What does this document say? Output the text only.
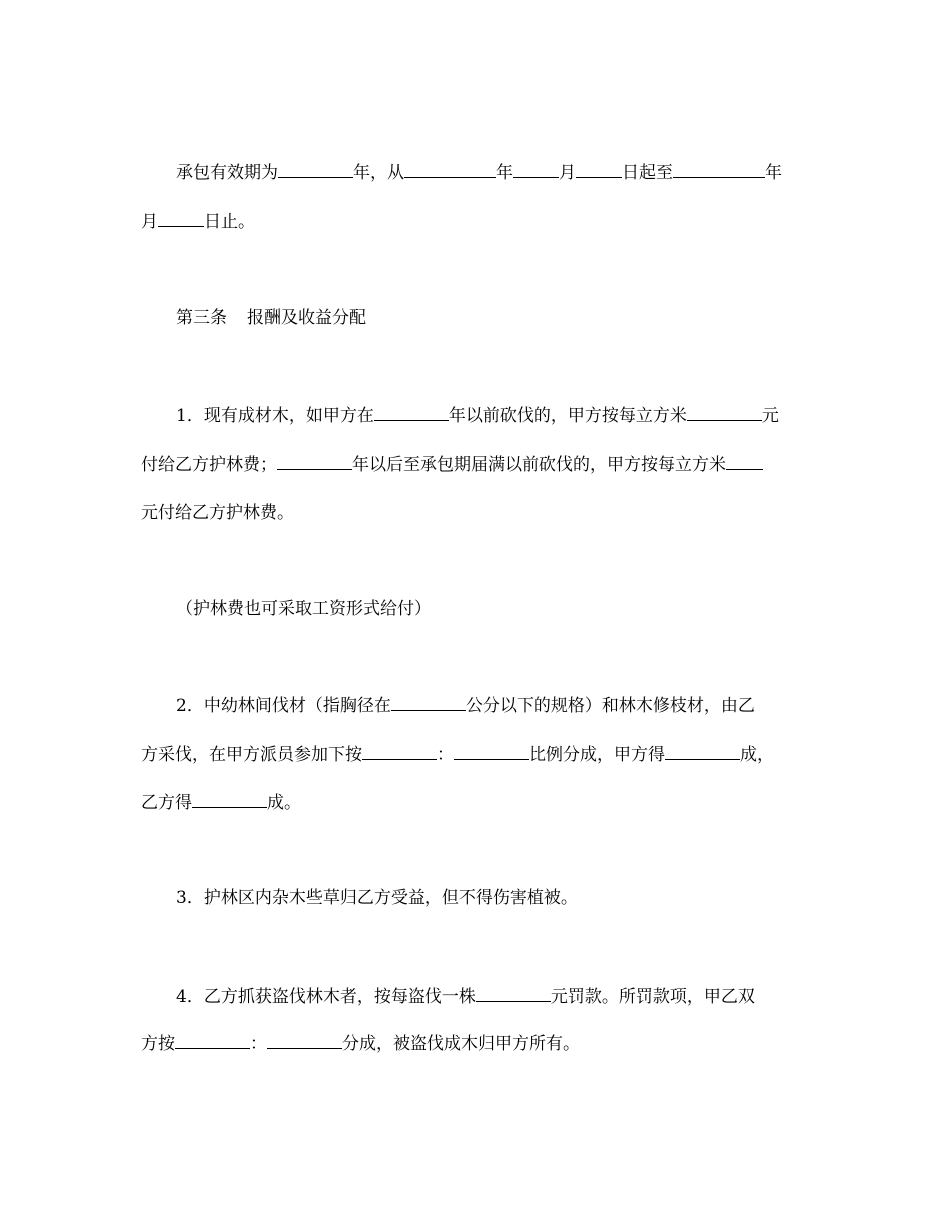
承包有效期为	年，从	年	月	日起至	年
月	日止。
第三条 报酬及收益分配
1．现有成材木，如甲方在	年以前砍伐的，甲方按每立方米	元
付给乙方护林费；	年以后至承包期届满以前砍伐的，甲方按每立方米
元付给乙方护林费。
（护林费也可采取工资形式给付）
2．中幼林间伐材（指胸径在	公分以下的规格）和林木修枝材，由乙
方采伐，在甲方派员参加下按	：	比例分成，甲方得	成，
乙方得	成。
3．护林区内杂木些草归乙方受益，但不得伤害植被。
4．乙方抓获盗伐林木者，按每盗伐一株	元罚款。所罚款项，甲乙双
方按	：	分成，被盗伐成木归甲方所有。
